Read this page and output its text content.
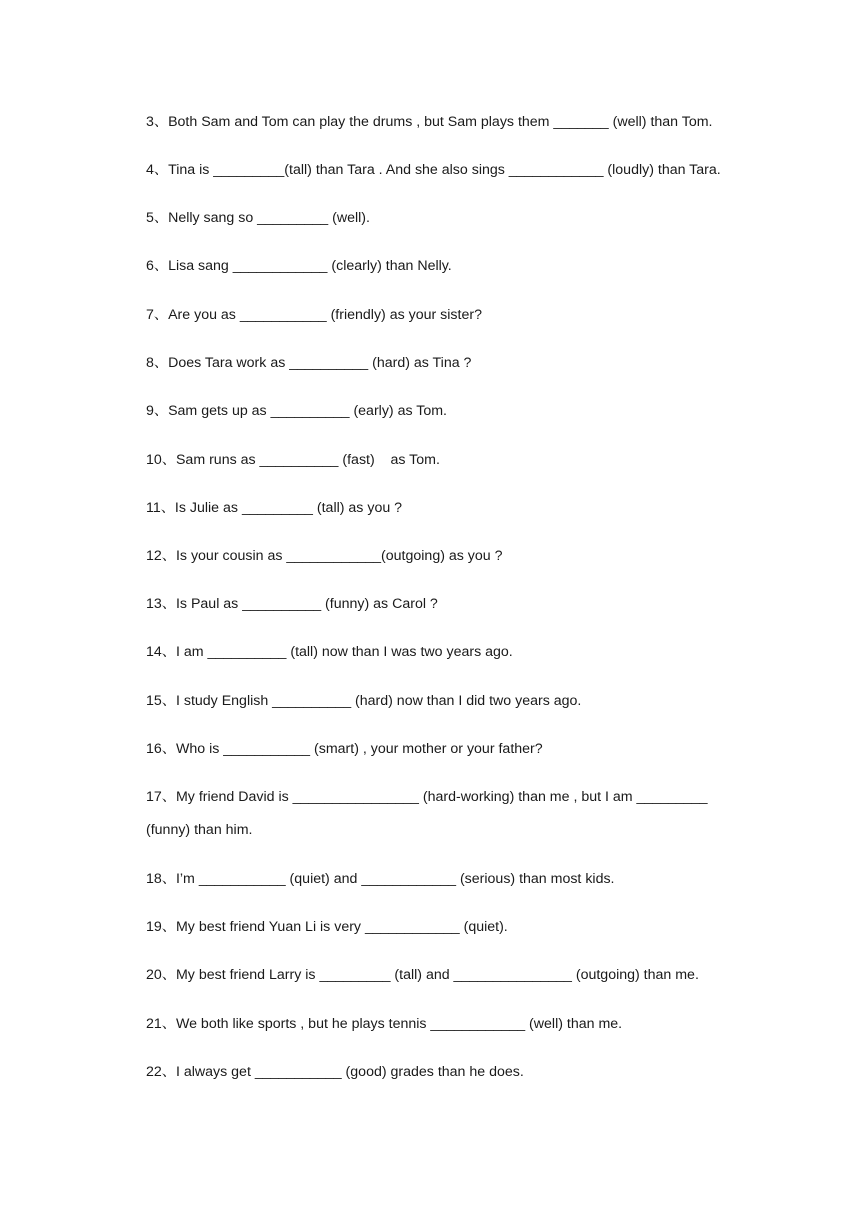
3、Both Sam and Tom can play the drums , but Sam plays them _______ (well) than Tom.
4、Tina is _________(tall) than Tara . And she also sings ____________ (loudly) than Tara.
5、Nelly sang so _________ (well).
6、Lisa sang ____________ (clearly) than Nelly.
7、Are you as ___________ (friendly) as your sister?
8、Does Tara work as __________ (hard) as Tina ?
9、Sam gets up as __________ (early) as Tom.
10、Sam runs as __________ (fast)    as Tom.
11、Is Julie as _________ (tall) as you ?
12、Is your cousin as ____________(outgoing) as you ?
13、Is Paul as __________ (funny) as Carol ?
14、I am __________ (tall) now than I was two years ago.
15、I study English __________ (hard) now than I did two years ago.
16、Who is ___________ (smart) , your mother or your father?
17、My friend David is ________________ (hard-working) than me , but I am _________
(funny) than him.
18、I’m ___________ (quiet) and ____________ (serious) than most kids.
19、My best friend Yuan Li is very ____________ (quiet).
20、My best friend Larry is _________ (tall) and _______________ (outgoing) than me.
21、We both like sports , but he plays tennis ____________ (well) than me.
22、I always get ___________ (good) grades than he does.
